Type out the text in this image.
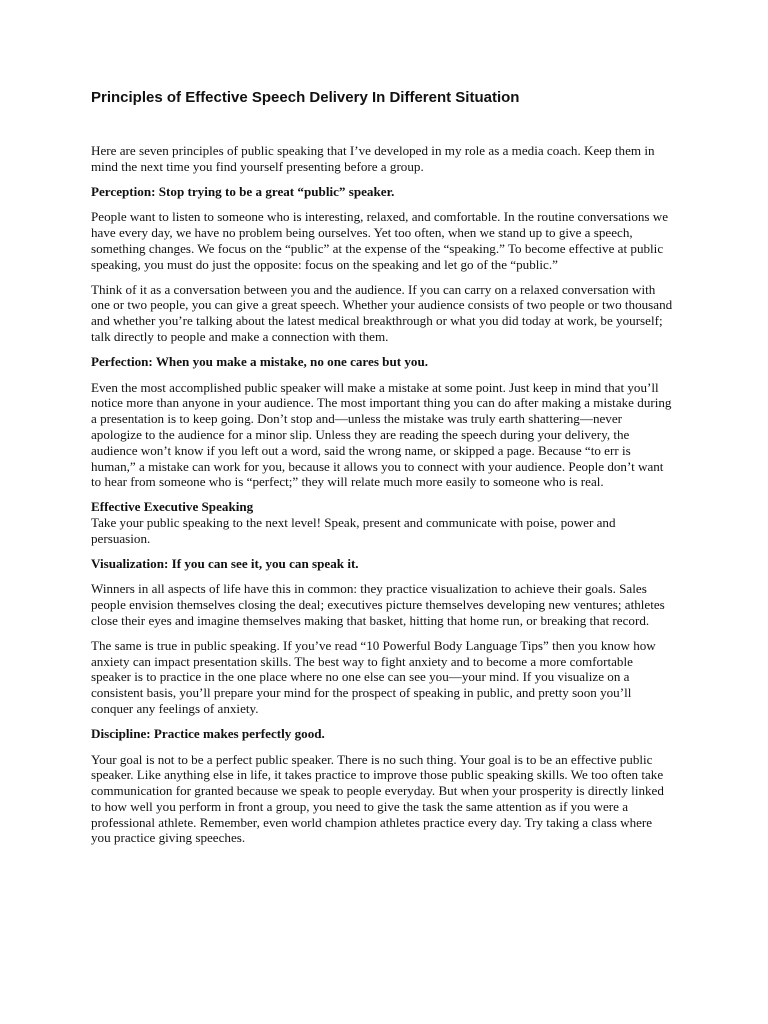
Principles of Effective Speech Delivery In Different Situation

Here are seven principles of public speaking that I’ve developed in my role as a media coach. Keep them in mind the next time you find yourself presenting before a group.

Perception: Stop trying to be a great “public” speaker.

People want to listen to someone who is interesting, relaxed, and comfortable. In the routine conversations we have every day, we have no problem being ourselves. Yet too often, when we stand up to give a speech, something changes. We focus on the “public” at the expense of the “speaking.” To become effective at public speaking, you must do just the opposite: focus on the speaking and let go of the “public.”

Think of it as a conversation between you and the audience. If you can carry on a relaxed conversation with one or two people, you can give a great speech. Whether your audience consists of two people or two thousand and whether you’re talking about the latest medical breakthrough or what you did today at work, be yourself; talk directly to people and make a connection with them.

Perfection: When you make a mistake, no one cares but you.

Even the most accomplished public speaker will make a mistake at some point. Just keep in mind that you’ll notice more than anyone in your audience. The most important thing you can do after making a mistake during a presentation is to keep going. Don’t stop and—unless the mistake was truly earth shattering—never apologize to the audience for a minor slip. Unless they are reading the speech during your delivery, the audience won’t know if you left out a word, said the wrong name, or skipped a page. Because “to err is human,” a mistake can work for you, because it allows you to connect with your audience. People don’t want to hear from someone who is “perfect;” they will relate much more easily to someone who is real.

Effective Executive Speaking

Take your public speaking to the next level! Speak, present and communicate with poise, power and persuasion.

Visualization: If you can see it, you can speak it.

Winners in all aspects of life have this in common: they practice visualization to achieve their goals. Sales people envision themselves closing the deal; executives picture themselves developing new ventures; athletes close their eyes and imagine themselves making that basket, hitting that home run, or breaking that record.

The same is true in public speaking. If you’ve read “10 Powerful Body Language Tips” then you know how anxiety can impact presentation skills. The best way to fight anxiety and to become a more comfortable speaker is to practice in the one place where no one else can see you—your mind. If you visualize on a consistent basis, you’ll prepare your mind for the prospect of speaking in public, and pretty soon you’ll conquer any feelings of anxiety.

Discipline: Practice makes perfectly good.

Your goal is not to be a perfect public speaker. There is no such thing. Your goal is to be an effective public speaker. Like anything else in life, it takes practice to improve those public speaking skills. We too often take communication for granted because we speak to people everyday. But when your prosperity is directly linked to how well you perform in front a group, you need to give the task the same attention as if you were a professional athlete. Remember, even world champion athletes practice every day. Try taking a class where you practice giving speeches.
